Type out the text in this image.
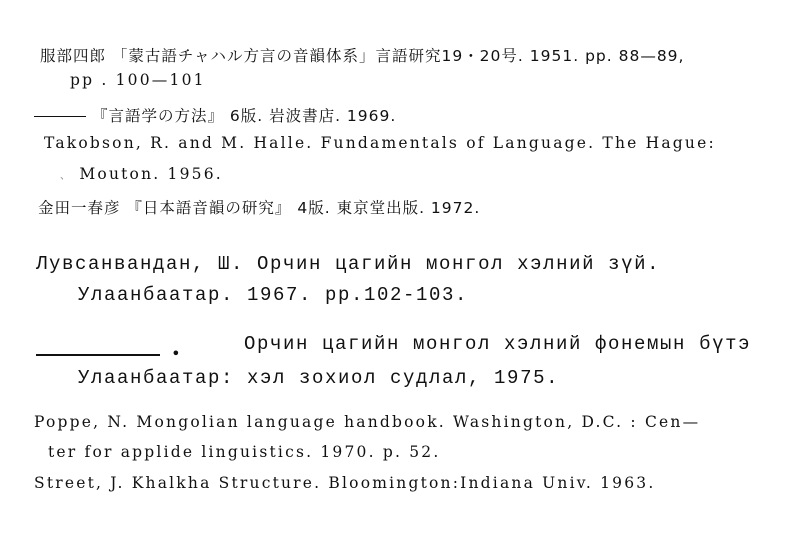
服部四郎 「蒙古語チャハル方言の音韻体系」言語研究19・20号. 1951. pp. 88—89,
pp . 100—101
『言語学の方法』 6版. 岩波書店. 1969.
Takobson, R. and M. Halle. Fundamentals of Language. The Hague:
、 Mouton. 1956.
金田一春彦 『日本語音韻の研究』 4版. 東京堂出版. 1972.
Лувсанвандан, Ш. Орчин цагийн монгол хэлний зүй.
Улаанбаатар. 1967. pp.102-103.
•	Орчин цагийн монгол хэлний фонемын бүтэ
Улаанбаатар: хэл зохиол судлал, 1975.
Poppe, N. Mongolian language handbook. Washington, D.C. : Cen—
ter for applide linguistics. 1970. p. 52.
Street, J. Khalkha Structure. Bloomington:Indiana Univ. 1963.
